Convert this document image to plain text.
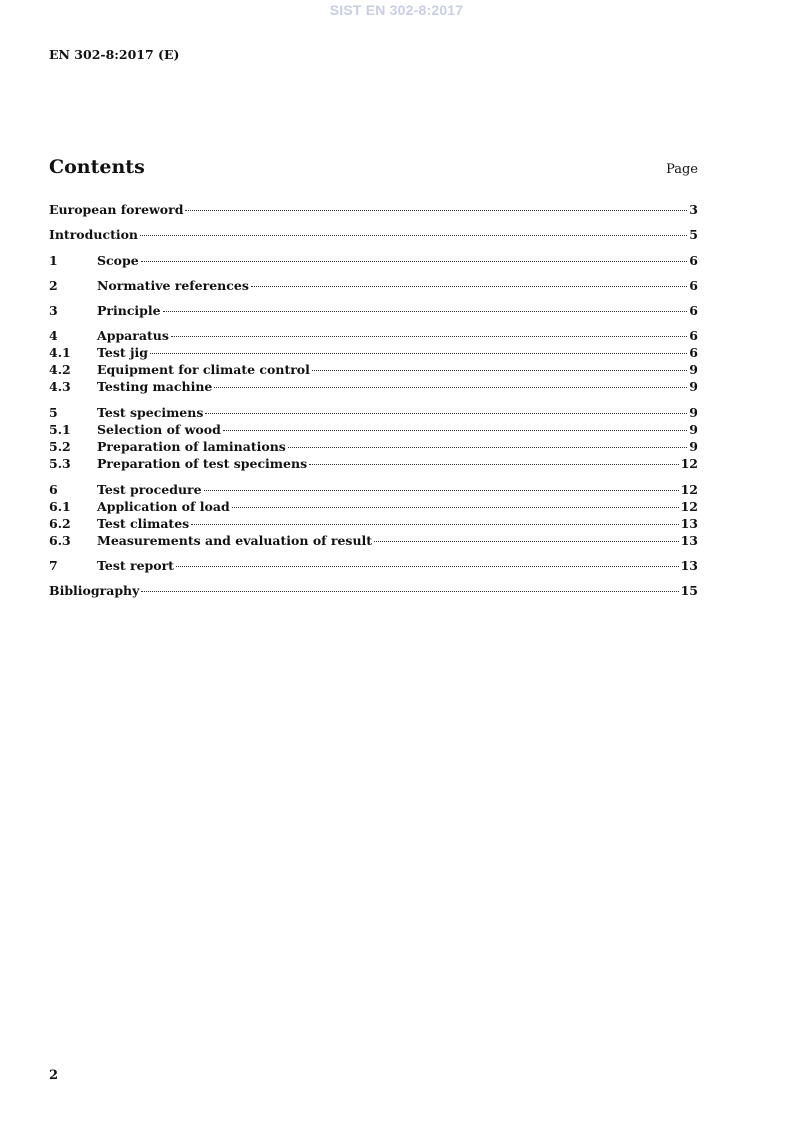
SIST EN 302-8:2017
EN 302-8:2017 (E)
Contents	Page
European foreword	3
Introduction	5
1	Scope	6
2	Normative references	6
3	Principle	6
4	Apparatus	6
4.1	Test jig	6
4.2	Equipment for climate control	9
4.3	Testing machine	9
5	Test specimens	9
5.1	Selection of wood	9
5.2	Preparation of laminations	9
5.3	Preparation of test specimens	12
6	Test procedure	12
6.1	Application of load	12
6.2	Test climates	13
6.3	Measurements and evaluation of result	13
7	Test report	13
Bibliography	15
2
